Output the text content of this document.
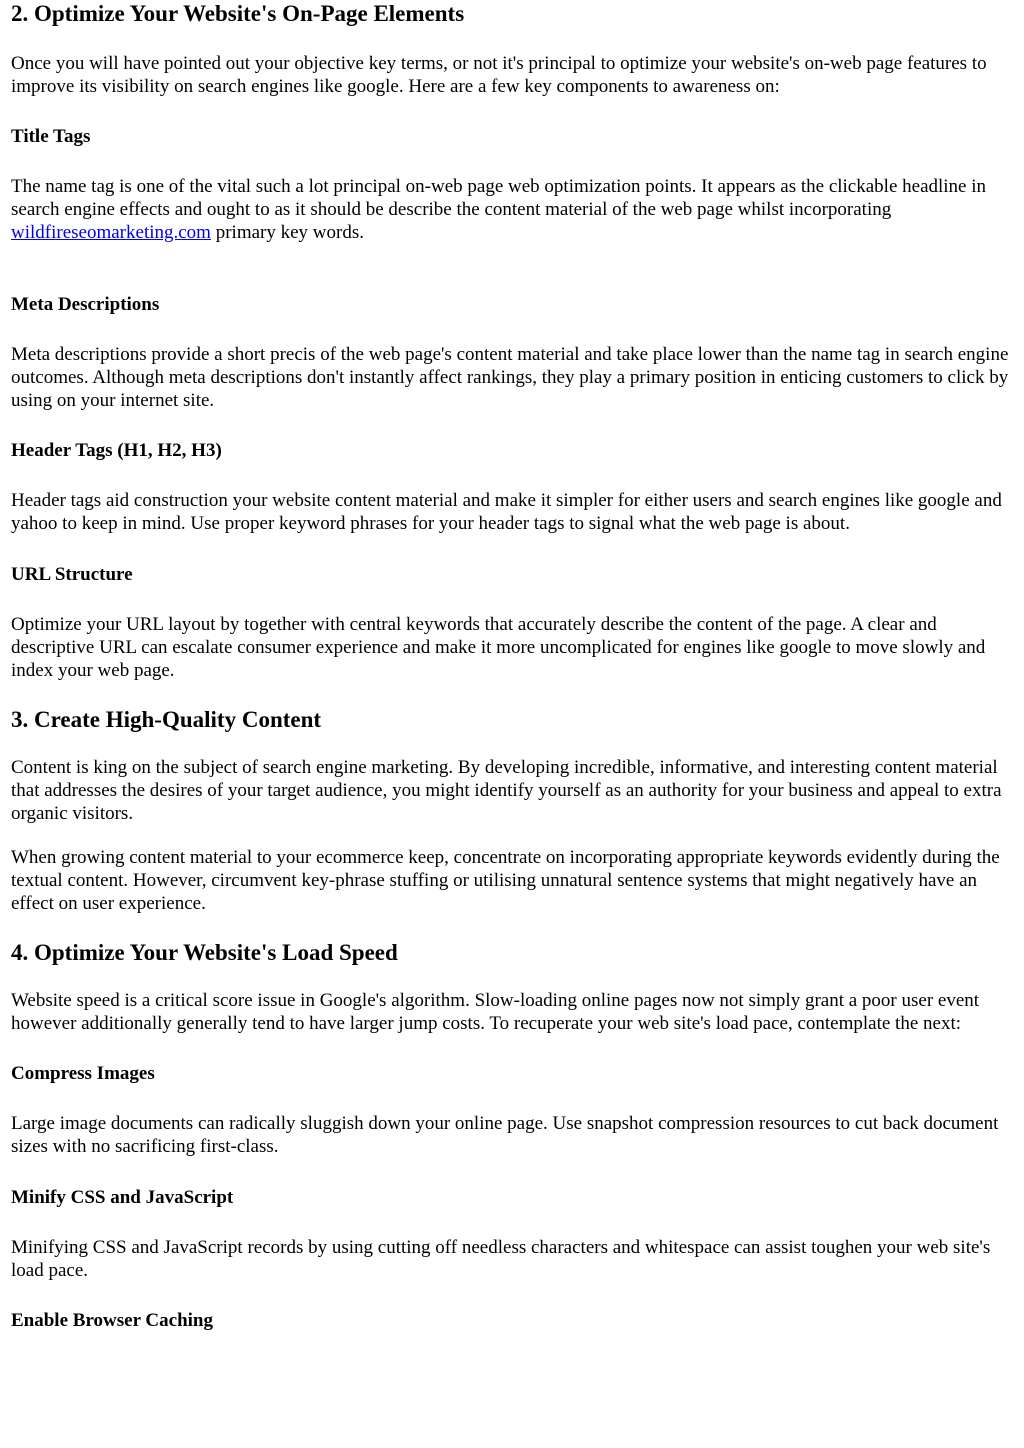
2. Optimize Your Website's On-Page Elements

Once you will have pointed out your objective key terms, or not it's principal to optimize your website's on-web page features to improve its visibility on search engines like google. Here are a few key components to awareness on:

Title Tags

The name tag is one of the vital such a lot principal on-web page web optimization points. It appears as the clickable headline in search engine effects and ought to as it should be describe the content material of the web page whilst incorporating wildfireseomarketing.com primary key words.

Meta Descriptions

Meta descriptions provide a short precis of the web page's content material and take place lower than the name tag in search engine outcomes. Although meta descriptions don't instantly affect rankings, they play a primary position in enticing customers to click by using on your internet site.

Header Tags (H1, H2, H3)

Header tags aid construction your website content material and make it simpler for either users and search engines like google and yahoo to keep in mind. Use proper keyword phrases for your header tags to signal what the web page is about.

URL Structure

Optimize your URL layout by together with central keywords that accurately describe the content of the page. A clear and descriptive URL can escalate consumer experience and make it more uncomplicated for engines like google to move slowly and index your web page.

3. Create High-Quality Content

Content is king on the subject of search engine marketing. By developing incredible, informative, and interesting content material that addresses the desires of your target audience, you might identify yourself as an authority for your business and appeal to extra organic visitors.

When growing content material to your ecommerce keep, concentrate on incorporating appropriate keywords evidently during the textual content. However, circumvent key-phrase stuffing or utilising unnatural sentence systems that might negatively have an effect on user experience.

4. Optimize Your Website's Load Speed

Website speed is a critical score issue in Google's algorithm. Slow-loading online pages now not simply grant a poor user event however additionally generally tend to have larger jump costs. To recuperate your web site's load pace, contemplate the next:

Compress Images

Large image documents can radically sluggish down your online page. Use snapshot compression resources to cut back document sizes with no sacrificing first-class.

Minify CSS and JavaScript

Minifying CSS and JavaScript records by using cutting off needless characters and whitespace can assist toughen your web site's load pace.

Enable Browser Caching
